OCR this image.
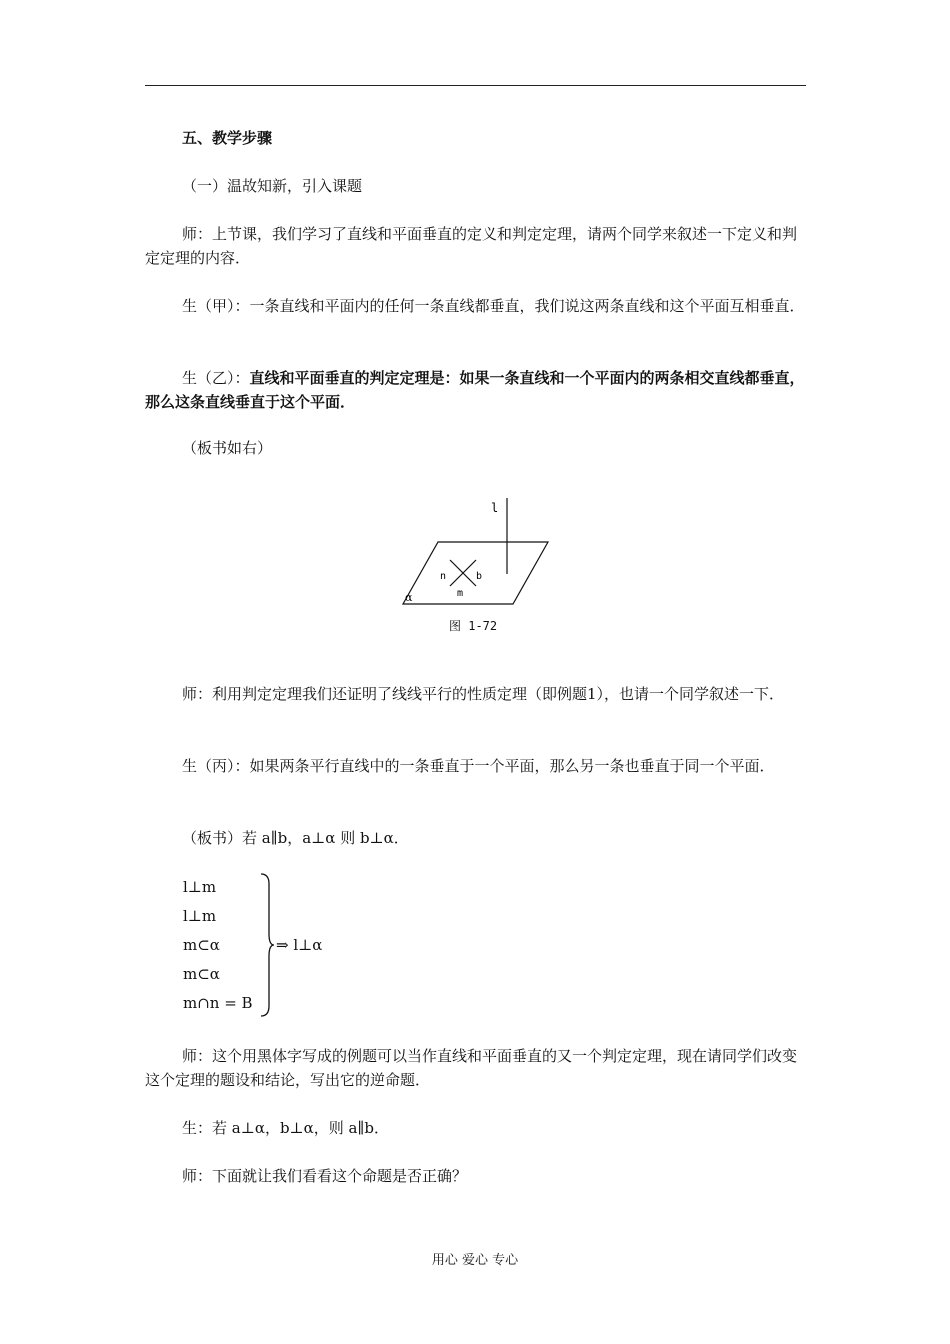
五、教学步骤

（一）温故知新，引入课题

师：上节课，我们学习了直线和平面垂直的定义和判定定理，请两个同学来叙述一下定义和判定定理的内容．

生（甲）：一条直线和平面内的任何一条直线都垂直，我们说这两条直线和这个平面互相垂直．

生（乙）：直线和平面垂直的判定定理是：如果一条直线和一个平面内的两条相交直线都垂直，那么这条直线垂直于这个平面．

（板书如右）

l
n	b
m
α
图 1-72

师：利用判定定理我们还证明了线线平行的性质定理（即例题1），也请一个同学叙述一下．

生（丙）：如果两条平行直线中的一条垂直于一个平面，那么另一条也垂直于同一个平面．

（板书）若 a∥b，a⊥α 则 b⊥α．

l⊥m
l⊥m
m⊂α
m⊂α
m∩n = B
⇒ l⊥α

师：这个用黑体字写成的例题可以当作直线和平面垂直的又一个判定定理，现在请同学们改变这个定理的题设和结论，写出它的逆命题．

生：若 a⊥α，b⊥α，则 a∥b．

师：下面就让我们看看这个命题是否正确？

用心 爱心 专心
